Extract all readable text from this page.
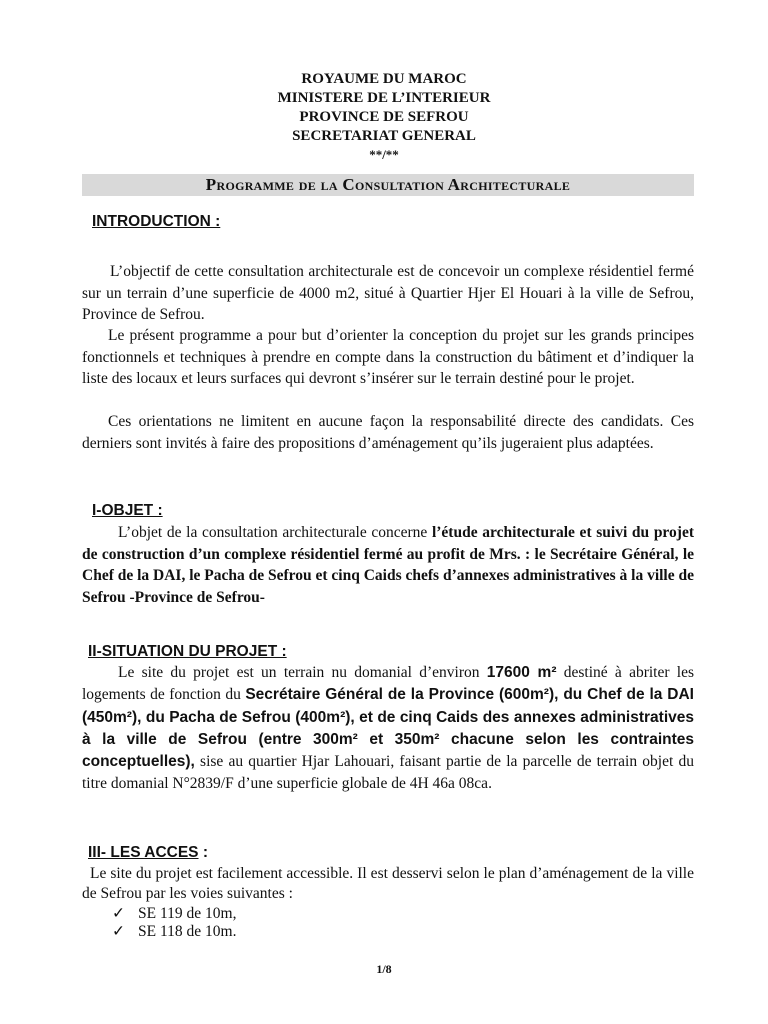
ROYAUME DU MAROC
MINISTERE DE L’INTERIEUR
PROVINCE DE SEFROU
SECRETARIAT GENERAL
**/**
Programme de la Consultation Architecturale
INTRODUCTION :
L’objectif de cette consultation architecturale est de concevoir un complexe résidentiel fermé sur un terrain d’une superficie de 4000 m2, situé à Quartier Hjer El Houari à la ville de Sefrou, Province de Sefrou.
Le présent programme a pour but d’orienter la conception du projet sur les grands principes fonctionnels et techniques à prendre en compte dans la construction du bâtiment et d’indiquer la liste des locaux et leurs surfaces qui devront s’insérer sur le terrain destiné pour le projet.
Ces orientations ne limitent en aucune façon la responsabilité directe des candidats. Ces derniers sont invités à faire des propositions d’aménagement qu’ils jugeraient plus adaptées.
I-OBJET :
L’objet de la consultation architecturale concerne l’étude architecturale et suivi du projet de construction d’un complexe résidentiel fermé au profit de Mrs. : le Secrétaire Général, le Chef de la DAI, le Pacha de Sefrou et cinq Caids chefs d’annexes administratives à la ville de Sefrou -Province de Sefrou-
II-SITUATION DU PROJET :
Le site du projet est un terrain nu domanial d’environ 17600 m² destiné à abriter les logements de fonction du Secrétaire Général de la Province (600m²), du Chef de la DAI (450m²), du Pacha de Sefrou (400m²), et de cinq Caids des annexes administratives à la ville de Sefrou (entre 300m² et 350m² chacune selon les contraintes conceptuelles), sise au quartier Hjar Lahouari, faisant partie de la parcelle de terrain objet du titre domanial N°2839/F d’une superficie globale de 4H 46a 08ca.
III- LES ACCES :
Le site du projet est facilement accessible. Il est desservi selon le plan d’aménagement de la ville de Sefrou par les voies suivantes :
✓ SE 119 de 10m,
✓ SE 118 de 10m.
1/8
